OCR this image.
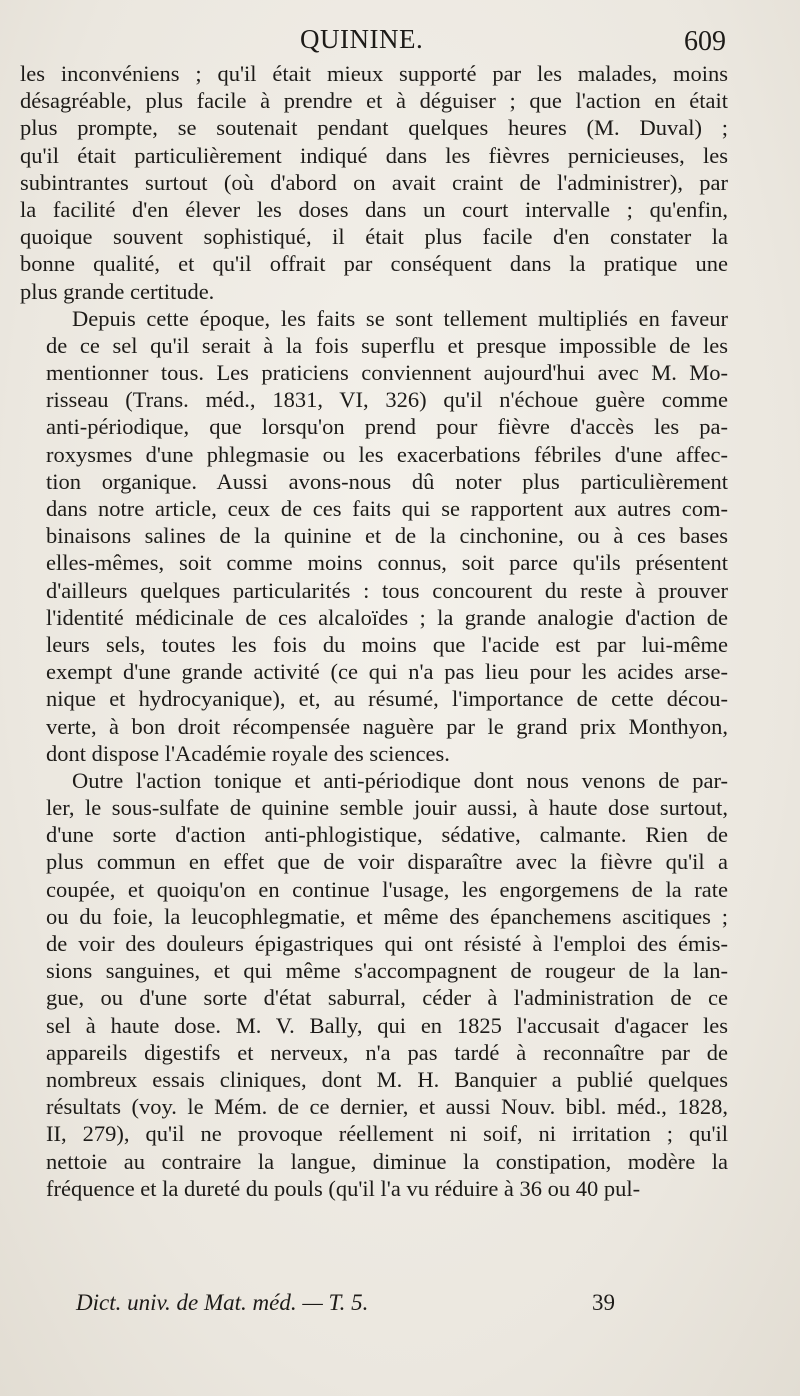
QUININE.	609

les inconvéniens ; qu'il était mieux supporté par les malades, moins
désagréable, plus facile à prendre et à déguiser ; que l'action en était
plus prompte, se soutenait pendant quelques heures (M. Duval) ;
qu'il était particulièrement indiqué dans les fièvres pernicieuses, les
subintrantes surtout (où d'abord on avait craint de l'administrer), par
la facilité d'en élever les doses dans un court intervalle ; qu'enfin,
quoique souvent sophistiqué, il était plus facile d'en constater la
bonne qualité, et qu'il offrait par conséquent dans la pratique une
plus grande certitude.

Depuis cette époque, les faits se sont tellement multipliés en faveur
de ce sel qu'il serait à la fois superflu et presque impossible de les
mentionner tous. Les praticiens conviennent aujourd'hui avec M. Mo-
risseau (Trans. méd., 1831, VI, 326) qu'il n'échoue guère comme
anti-périodique, que lorsqu'on prend pour fièvre d'accès les pa-
roxysmes d'une phlegmasie ou les exacerbations fébriles d'une affec-
tion organique. Aussi avons-nous dû noter plus particulièrement
dans notre article, ceux de ces faits qui se rapportent aux autres com-
binaisons salines de la quinine et de la cinchonine, ou à ces bases
elles-mêmes, soit comme moins connus, soit parce qu'ils présentent
d'ailleurs quelques particularités : tous concourent du reste à prouver
l'identité médicinale de ces alcaloïdes ; la grande analogie d'action de
leurs sels, toutes les fois du moins que l'acide est par lui-même
exempt d'une grande activité (ce qui n'a pas lieu pour les acides arse-
nique et hydrocyanique), et, au résumé, l'importance de cette décou-
verte, à bon droit récompensée naguère par le grand prix Monthyon,
dont dispose l'Académie royale des sciences.

Outre l'action tonique et anti-périodique dont nous venons de par-
ler, le sous-sulfate de quinine semble jouir aussi, à haute dose surtout,
d'une sorte d'action anti-phlogistique, sédative, calmante. Rien de
plus commun en effet que de voir disparaître avec la fièvre qu'il a
coupée, et quoiqu'on en continue l'usage, les engorgemens de la rate
ou du foie, la leucophlegmatie, et même des épanchemens ascitiques ;
de voir des douleurs épigastriques qui ont résisté à l'emploi des émis-
sions sanguines, et qui même s'accompagnent de rougeur de la lan-
gue, ou d'une sorte d'état saburral, céder à l'administration de ce
sel à haute dose. M. V. Bally, qui en 1825 l'accusait d'agacer les
appareils digestifs et nerveux, n'a pas tardé à reconnaître par de
nombreux essais cliniques, dont M. H. Banquier a publié quelques
résultats (voy. le Mém. de ce dernier, et aussi Nouv. bibl. méd., 1828,
II, 279), qu'il ne provoque réellement ni soif, ni irritation ; qu'il
nettoie au contraire la langue, diminue la constipation, modère la
fréquence et la dureté du pouls (qu'il l'a vu réduire à 36 ou 40 pul-

Dict. univ. de Mat. méd. — T. 5.	39
